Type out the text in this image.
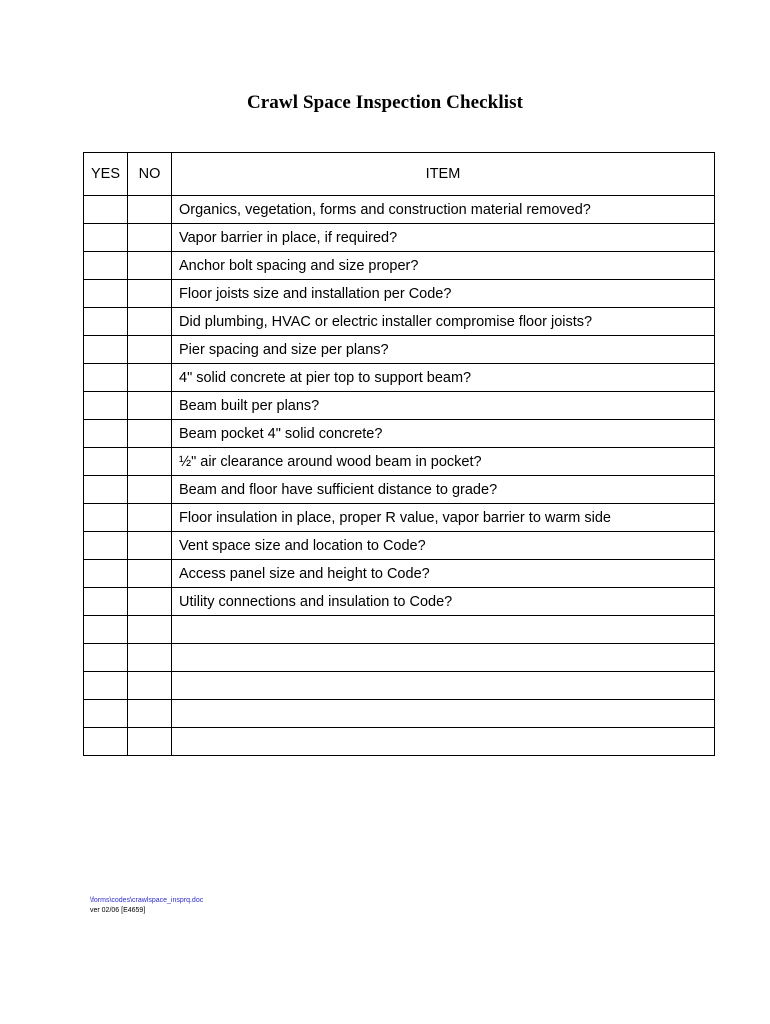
Crawl Space Inspection Checklist
YES	NO	ITEM
		Organics, vegetation, forms and construction material removed?
		Vapor barrier in place, if required?
		Anchor bolt spacing and size proper?
		Floor joists size and installation per Code?
		Did plumbing, HVAC or electric installer compromise floor joists?
		Pier spacing and size per plans?
		4" solid concrete at pier top to support beam?
		Beam built per plans?
		Beam pocket 4" solid concrete?
		½" air clearance around wood beam in pocket?
		Beam and floor have sufficient distance to grade?
		Floor insulation in place, proper R value, vapor barrier to warm side
		Vent space size and location to Code?
		Access panel size and height to Code?
		Utility connections and insulation to Code?

\forms\codes\crawlspace_insprq.doc
ver 02/06 [E4659]
